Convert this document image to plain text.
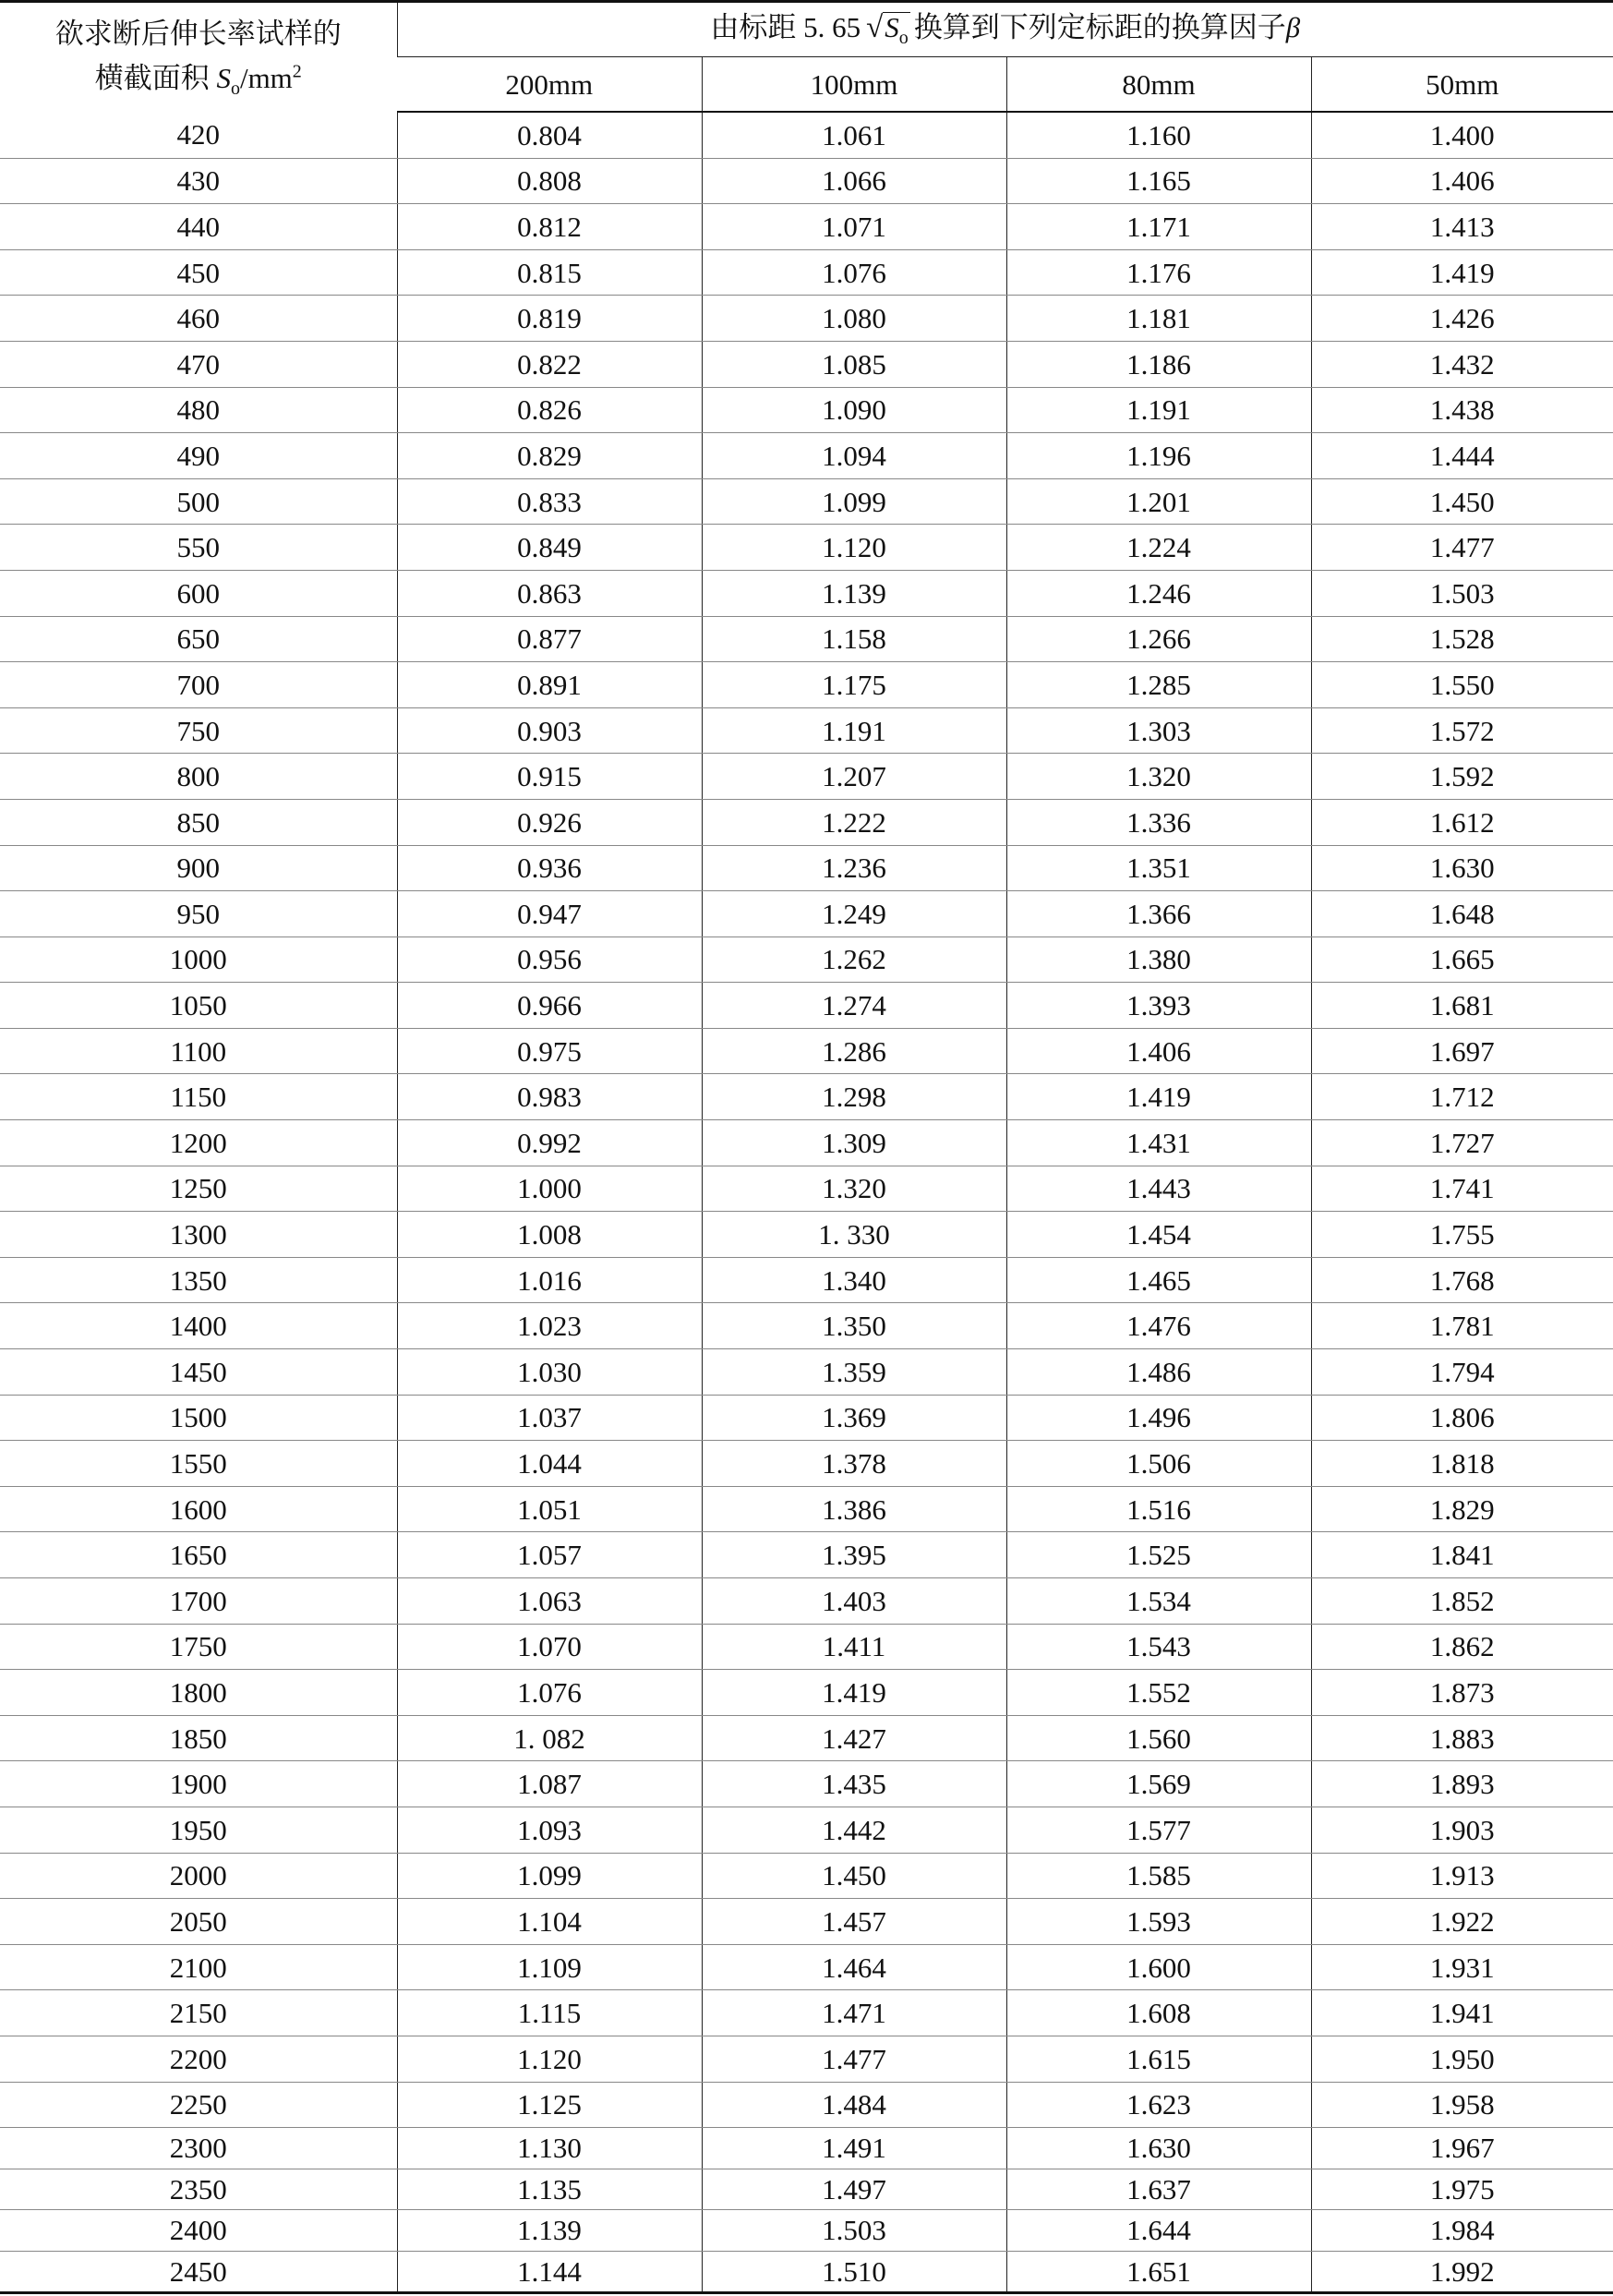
欲求断后伸长率试样的
横截面积 $S_o/mm^2$	由标距 5. 65 $√S_o$ 换算到下列定标距的换算因子β			
	200mm	100mm	80mm	50mm
420	0.804	1.061	1.160	1.400
430	0.808	1.066	1.165	1.406
440	0.812	1.071	1.171	1.413
450	0.815	1.076	1.176	1.419
460	0.819	1.080	1.181	1.426
470	0.822	1.085	1.186	1.432
480	0.826	1.090	1.191	1.438
490	0.829	1.094	1.196	1.444
500	0.833	1.099	1.201	1.450
550	0.849	1.120	1.224	1.477
600	0.863	1.139	1.246	1.503
650	0.877	1.158	1.266	1.528
700	0.891	1.175	1.285	1.550
750	0.903	1.191	1.303	1.572
800	0.915	1.207	1.320	1.592
850	0.926	1.222	1.336	1.612
900	0.936	1.236	1.351	1.630
950	0.947	1.249	1.366	1.648
1000	0.956	1.262	1.380	1.665
1050	0.966	1.274	1.393	1.681
1100	0.975	1.286	1.406	1.697
1150	0.983	1.298	1.419	1.712
1200	0.992	1.309	1.431	1.727
1250	1.000	1.320	1.443	1.741
1300	1.008	1. 330	1.454	1.755
1350	1.016	1.340	1.465	1.768
1400	1.023	1.350	1.476	1.781
1450	1.030	1.359	1.486	1.794
1500	1.037	1.369	1.496	1.806
1550	1.044	1.378	1.506	1.818
1600	1.051	1.386	1.516	1.829
1650	1.057	1.395	1.525	1.841
1700	1.063	1.403	1.534	1.852
1750	1.070	1.411	1.543	1.862
1800	1.076	1.419	1.552	1.873
1850	1. 082	1.427	1.560	1.883
1900	1.087	1.435	1.569	1.893
1950	1.093	1.442	1.577	1.903
2000	1.099	1.450	1.585	1.913
2050	1.104	1.457	1.593	1.922
2100	1.109	1.464	1.600	1.931
2150	1.115	1.471	1.608	1.941
2200	1.120	1.477	1.615	1.950
2250	1.125	1.484	1.623	1.958
2300	1.130	1.491	1.630	1.967
2350	1.135	1.497	1.637	1.975
2400	1.139	1.503	1.644	1.984
2450	1.144	1.510	1.651	1.992
